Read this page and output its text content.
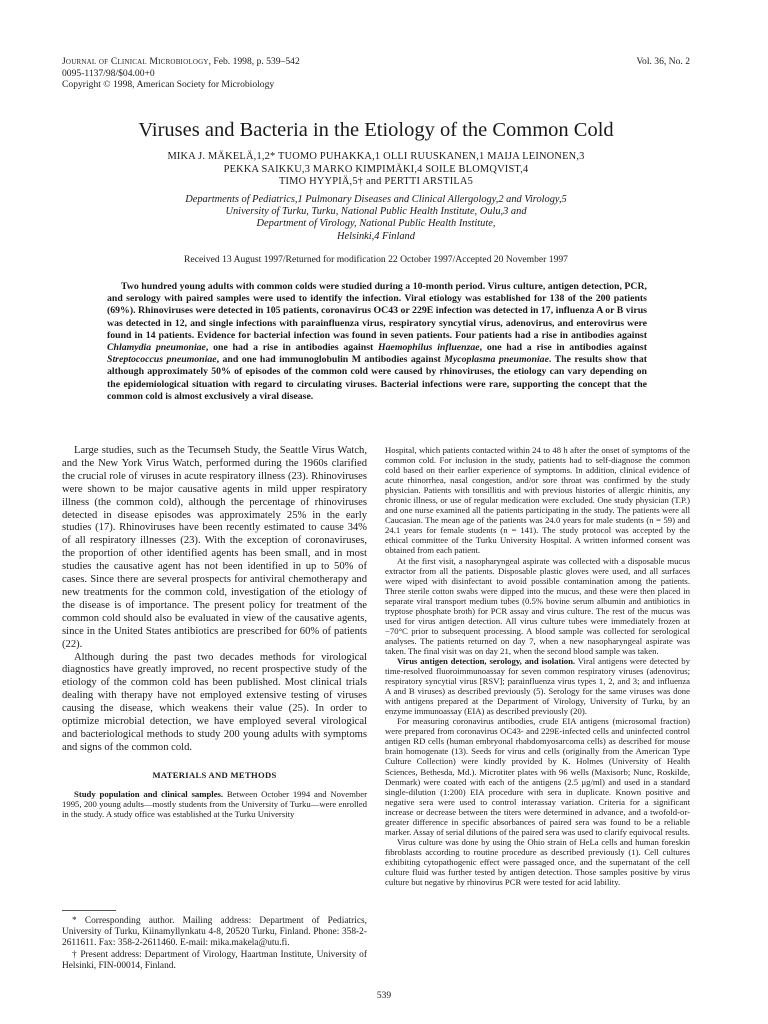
Journal of Clinical Microbiology, Feb. 1998, p. 539–542
0095-1137/98/$04.00+0
Copyright © 1998, American Society for Microbiology
Vol. 36, No. 2
Viruses and Bacteria in the Etiology of the Common Cold
MIKA J. MÄKELÄ,1,2* TUOMO PUHAKKA,1 OLLI RUUSKANEN,1 MAIJA LEINONEN,3
PEKKA SAIKKU,3 MARKO KIMPIMÄKI,4 SOILE BLOMQVIST,4
TIMO HYYPIÄ,5† and PERTTI ARSTILA5
Departments of Pediatrics,1 Pulmonary Diseases and Clinical Allergology,2 and Virology,5
University of Turku, Turku, National Public Health Institute, Oulu,3 and
Department of Virology, National Public Health Institute,
Helsinki,4 Finland
Received 13 August 1997/Returned for modification 22 October 1997/Accepted 20 November 1997
Two hundred young adults with common colds were studied during a 10-month period. Virus culture, antigen detection, PCR, and serology with paired samples were used to identify the infection. Viral etiology was established for 138 of the 200 patients (69%). Rhinoviruses were detected in 105 patients, coronavirus OC43 or 229E infection was detected in 17, influenza A or B virus was detected in 12, and single infections with parainfluenza virus, respiratory syncytial virus, adenovirus, and enterovirus were found in 14 patients. Evidence for bacterial infection was found in seven patients. Four patients had a rise in antibodies against Chlamydia pneumoniae, one had a rise in antibodies against Haemophilus influenzae, one had a rise in antibodies against Streptococcus pneumoniae, and one had immunoglobulin M antibodies against Mycoplasma pneumoniae. The results show that although approximately 50% of episodes of the common cold were caused by rhinoviruses, the etiology can vary depending on the epidemiological situation with regard to circulating viruses. Bacterial infections were rare, supporting the concept that the common cold is almost exclusively a viral disease.

Large studies, such as the Tecumseh Study, the Seattle Virus Watch, and the New York Virus Watch, performed during the 1960s clarified the crucial role of viruses in acute respiratory illness (23). Rhinoviruses were shown to be major causative agents in mild upper respiratory illness (the common cold), although the percentage of rhinoviruses detected in disease episodes was approximately 25% in the early studies (17). Rhinoviruses have been recently estimated to cause 34% of all respiratory illnesses (23). With the exception of coronaviruses, the proportion of other identified agents has been small, and in most studies the causative agent has not been identified in up to 50% of cases. Since there are several prospects for antiviral chemotherapy and new treatments for the common cold, investigation of the etiology of the disease is of importance. The present policy for treatment of the common cold should also be evaluated in view of the causative agents, since in the United States antibiotics are prescribed for 60% of patients (22).

Although during the past two decades methods for virological diagnostics have greatly improved, no recent prospective study of the etiology of the common cold has been published. Most clinical trials dealing with therapy have not employed extensive testing of viruses causing the disease, which weakens their value (25). In order to optimize microbial detection, we have employed several virological and bacteriological methods to study 200 young adults with symptoms and signs of the common cold.

MATERIALS AND METHODS

Study population and clinical samples. Between October 1994 and November 1995, 200 young adults—mostly students from the University of Turku—were enrolled in the study. A study office was established at the Turku University

Hospital, which patients contacted within 24 to 48 h after the onset of symptoms of the common cold. For inclusion in the study, patients had to self-diagnose the common cold based on their earlier experience of symptoms. In addition, clinical evidence of acute rhinorrhea, nasal congestion, and/or sore throat was confirmed by the study physician. Patients with tonsillitis and with previous histories of allergic rhinitis, any chronic illness, or use of regular medication were excluded. One study physician (T.P.) and one nurse examined all the patients participating in the study. The patients were all Caucasian. The mean age of the patients was 24.0 years for male students (n = 59) and 24.1 years for female students (n = 141). The study protocol was accepted by the ethical committee of the Turku University Hospital. A written informed consent was obtained from each patient.

At the first visit, a nasopharyngeal aspirate was collected with a disposable mucus extractor from all the patients. Disposable plastic gloves were used, and all surfaces were wiped with disinfectant to avoid possible contamination among the patients. Three sterile cotton swabs were dipped into the mucus, and these were then placed in separate viral transport medium tubes (0.5% bovine serum albumin and antibiotics in tryptose phosphate broth) for PCR assay and virus culture. The rest of the mucus was used for virus antigen detection. All virus culture tubes were immediately frozen at −70°C prior to subsequent processing. A blood sample was collected for serological analyses. The patients returned on day 7, when a new nasopharyngeal aspirate was taken. The final visit was on day 21, when the second blood sample was taken.

Virus antigen detection, serology, and isolation. Viral antigens were detected by time-resolved fluoroimmunoassay for seven common respiratory viruses (adenovirus; respiratory syncytial virus [RSV]; parainfluenza virus types 1, 2, and 3; and influenza A and B viruses) as described previously (5). Serology for the same viruses was done with antigens prepared at the Department of Virology, University of Turku, by an enzyme immunoassay (EIA) as described previously (20).

For measuring coronavirus antibodies, crude EIA antigens (microsomal fraction) were prepared from coronavirus OC43- and 229E-infected cells and uninfected control antigen RD cells (human embryonal rhabdomyosarcoma cells) as described for mouse brain homogenate (13). Seeds for virus and cells (originally from the American Type Culture Collection) were kindly provided by K. Holmes (University of Health Sciences, Bethesda, Md.). Microtiter plates with 96 wells (Maxisorb; Nunc, Roskilde, Denmark) were coated with each of the antigens (2.5 μg/ml) and used in a standard single-dilution (1:200) EIA procedure with sera in duplicate. Known positive and negative sera were used to control interassay variation. Criteria for a significant increase or decrease between the titers were determined in advance, and a twofold-or-greater difference in specific absorbances of paired sera was found to be a reliable marker. Assay of serial dilutions of the paired sera was used to clarify equivocal results.

Virus culture was done by using the Ohio strain of HeLa cells and human foreskin fibroblasts according to routine procedure as described previously (1). Cell cultures exhibiting cytopathogenic effect were passaged once, and the supernatant of the cell culture fluid was further tested by antigen detection. Those samples positive by virus culture but negative by rhinovirus PCR were tested for acid lability.

* Corresponding author. Mailing address: Department of Pediatrics, University of Turku, Kiinamyllynkatu 4-8, 20520 Turku, Finland. Phone: 358-2-2611611. Fax: 358-2-2611460. E-mail: mika.makela@utu.fi.

† Present address: Department of Virology, Haartman Institute, University of Helsinki, FIN-00014, Finland.

539
